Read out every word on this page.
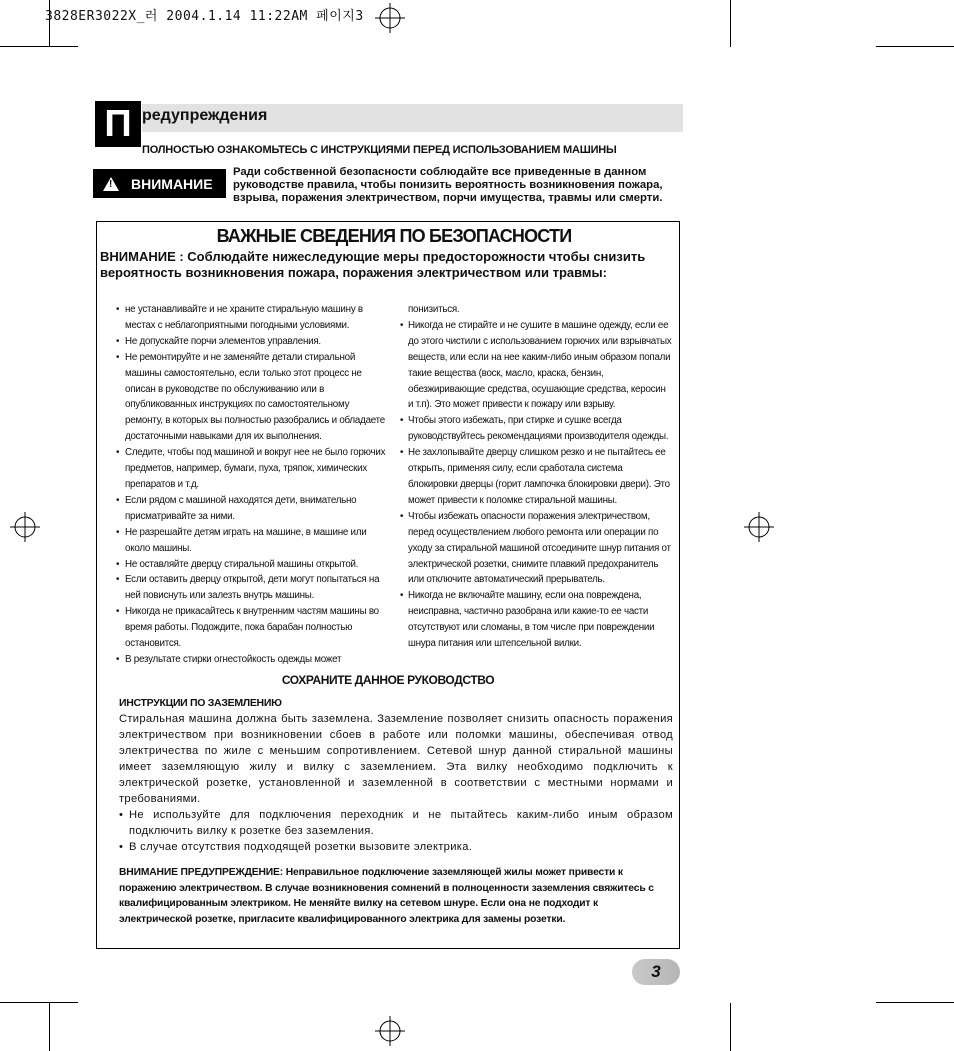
3828ER3022X_러 2004.1.14 11:22AM 페이지3
П редупреждения
ПОЛНОСТЬЮ ОЗНАКОМЬТЕСЬ С ИНСТРУКЦИЯМИ ПЕРЕД ИСПОЛЬЗОВАНИЕМ МАШИНЫ
! ВНИМАНИЕ
Ради собственной безопасности соблюдайте все приведенные в данном руководстве правила, чтобы понизить вероятность возникновения пожара, взрыва, поражения электричеством, порчи имущества, травмы или смерти.
ВАЖНЫЕ СВЕДЕНИЯ ПО БЕЗОПАСНОСТИ
ВНИМАНИЕ : Соблюдайте нижеследующие меры предосторожности чтобы снизить вероятность возникновения пожара, поражения электричеством или травмы:
• не устанавливайте и не храните стиральную машину в местах с неблагоприятными погодными условиями.
• Не допускайте порчи элементов управления.
• Не ремонтируйте и не заменяйте детали стиральной машины самостоятельно, если только этот процесс не описан в руководстве по обслуживанию или в опубликованных инструкциях по самостоятельному ремонту, в которых вы полностью разобрались и обладаете достаточными навыками для их выполнения.
• Следите, чтобы под машиной и вокруг нее не было горючих предметов, например, бумаги, пуха, тряпок, химических препаратов и т.д.
• Если рядом с машиной находятся дети, внимательно присматривайте за ними.
• Не разрешайте детям играть на машине, в машине или около машины.
• Не оставляйте дверцу стиральной машины открытой.
• Если оставить дверцу открытой, дети могут попытаться на ней повиснуть или залезть внутрь машины.
• Никогда не прикасайтесь к внутренним частям машины во время работы. Подождите, пока барабан полностью остановится.
• В результате стирки огнестойкость одежды может
понизиться.
• Никогда не стирайте и не сушите в машине одежду, если ее до этого чистили с использованием горючих или взрывчатых веществ, или если на нее каким-либо иным образом попали такие вещества (воск, масло, краска, бензин, обезжиривающие средства, осушающие средства, керосин и т.п). Это может привести к пожару или взрыву.
• Чтобы этого избежать, при стирке и сушке всегда руководствуйтесь рекомендациями производителя одежды.
• Не захлопывайте дверцу слишком резко и не пытайтесь ее открыть, применяя силу, если сработала система блокировки дверцы (горит лампочка блокировки двери). Это может привести к поломке стиральной машины.
• Чтобы избежать опасности поражения электричеством, перед осуществлением любого ремонта или операции по уходу за стиральной машиной отсоедините шнур питания от электрической розетки, снимите плавкий предохранитель или отключите автоматический прерыватель.
• Никогда не включайте машину, если она повреждена, неисправна, частично разобрана или какие-то ее части отсутствуют или сломаны, в том числе при повреждении шнура питания или штепсельной вилки.
СОХРАНИТЕ ДАННОЕ РУКОВОДСТВО
ИНСТРУКЦИИ ПО ЗАЗЕМЛЕНИЮ
Стиральная машина должна быть заземлена. Заземление позволяет снизить опасность поражения электричеством при возникновении сбоев в работе или поломки машины, обеспечивая отвод электричества по жиле с меньшим сопротивлением. Сетевой шнур данной стиральной машины имеет заземляющую жилу и вилку с заземлением. Эта вилку необходимо подключить к электрической розетке, установленной и заземленной в соответствии с местными нормами и требованиями.
• Не используйте для подключения переходник и не пытайтесь каким-либо иным образом подключить вилку к розетке без заземления.
• В случае отсутствия подходящей розетки вызовите электрика.
ВНИМАНИЕ ПРЕДУПРЕЖДЕНИЕ: Неправильное подключение заземляющей жилы может привести к поражению электричеством. В случае возникновения сомнений в полноценности заземления свяжитесь с квалифицированным электриком. Не меняйте вилку на сетевом шнуре. Если она не подходит к электрической розетке, пригласите квалифицированного электрика для замены розетки.
3
